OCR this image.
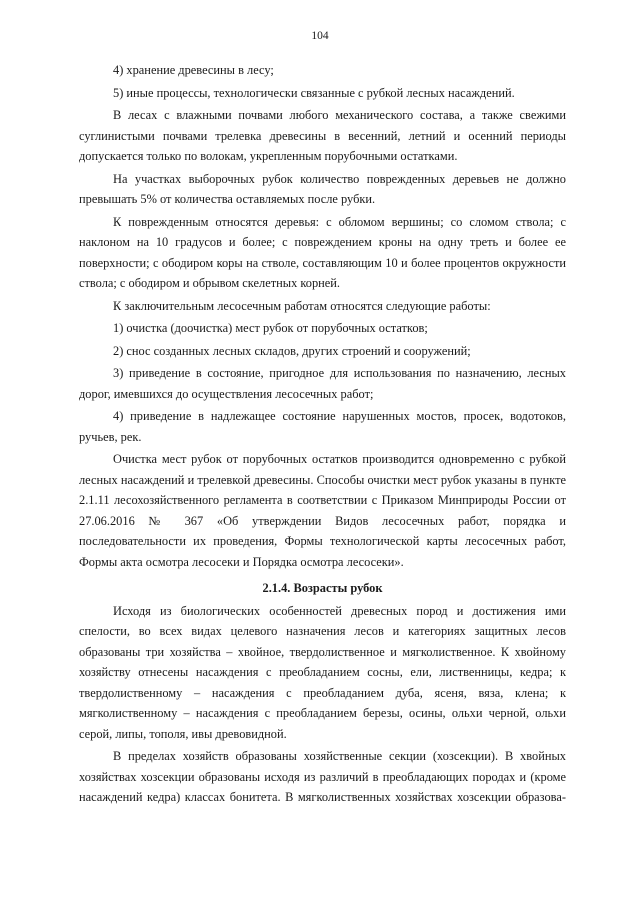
104

4) хранение древесины в лесу;

5) иные процессы, технологически связанные с рубкой лесных насаждений.

В лесах с влажными почвами любого механического состава, а также свежими суглинистыми почвами трелевка древесины в весенний, летний и осенний периоды допускается только по волокам, укрепленным порубочными остатками.

На участках выборочных рубок количество поврежденных деревьев не должно превышать 5% от количества оставляемых после рубки.

К поврежденным относятся деревья: с обломом вершины; со сломом ствола; с наклоном на 10 градусов и более; с повреждением кроны на одну треть и более ее поверхности; с ободиром коры на стволе, составляющим 10 и более процентов окружности ствола; с ободиром и обрывом скелетных корней.

К заключительным лесосечным работам относятся следующие работы:

1) очистка (доочистка) мест рубок от порубочных остатков;

2) снос созданных лесных складов, других строений и сооружений;

3) приведение в состояние, пригодное для использования по назначению, лесных дорог, имевшихся до осуществления лесосечных работ;

4) приведение в надлежащее состояние нарушенных мостов, просек, водотоков, ручьев, рек.

Очистка мест рубок от порубочных остатков производится одновременно с рубкой лесных насаждений и трелевкой древесины. Способы очистки мест рубок указаны в пункте 2.1.11 лесохозяйственного регламента в соответствии с Приказом Минприроды России от 27.06.2016 № 367 «Об утверждении Видов лесосечных работ, порядка и последовательности их проведения, Формы технологической карты лесосечных работ, Формы акта осмотра лесосеки и Порядка осмотра лесосеки».

2.1.4. Возрасты рубок

Исходя из биологических особенностей древесных пород и достижения ими спелости, во всех видах целевого назначения лесов и категориях защитных лесов образованы три хозяйства – хвойное, твердолиственное и мягколиственное. К хвойному хозяйству отнесены насаждения с преобладанием сосны, ели, лиственницы, кедра; к твердолиственному – насаждения с преобладанием дуба, ясеня, вяза, клена; к мягколиственному – насаждения с преобладанием березы, осины, ольхи черной, ольхи серой, липы, тополя, ивы древовидной.

В пределах хозяйств образованы хозяйственные секции (хозсекции). В хвойных хозяйствах хозсекции образованы исходя из различий в преобладающих породах и (кроме насаждений кедра) классах бонитета. В мягколиственных хозяйствах хозсекции образова-
